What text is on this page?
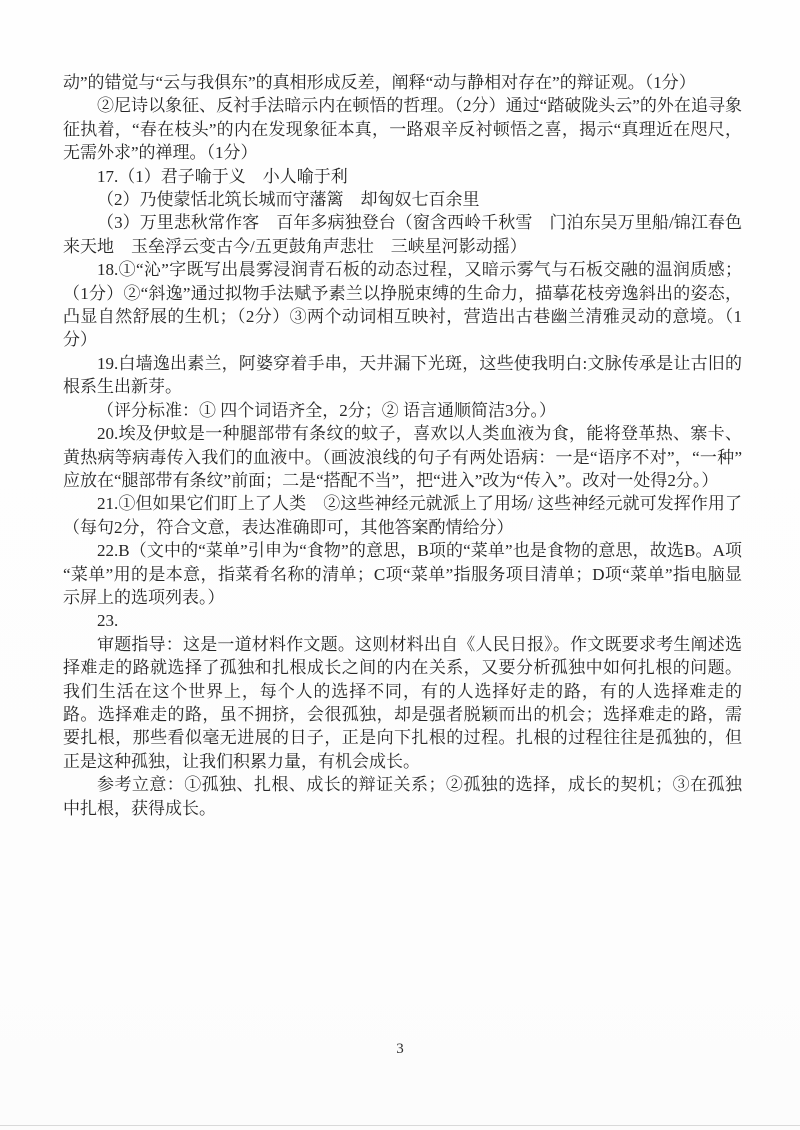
动”的错觉与“云与我俱东”的真相形成反差，阐释“动与静相对存在”的辩证观。（1分）

②尼诗以象征、反衬手法暗示内在顿悟的哲理。（2分）通过“踏破陇头云”的外在追寻象征执着，“春在枝头”的内在发现象征本真，一路艰辛反衬顿悟之喜，揭示“真理近在咫尺，无需外求”的禅理。（1分）

17.（1）君子喻于义　小人喻于利

（2）乃使蒙恬北筑长城而守藩篱　却匈奴七百余里

（3）万里悲秋常作客　百年多病独登台（窗含西岭千秋雪　门泊东吴万里船/锦江春色来天地　玉垒浮云变古今/五更鼓角声悲壮　三峡星河影动摇）

18.①“沁”字既写出晨雾浸润青石板的动态过程，又暗示雾气与石板交融的温润质感；（1分）②“斜逸”通过拟物手法赋予素兰以挣脱束缚的生命力，描摹花枝旁逸斜出的姿态，凸显自然舒展的生机；（2分）③两个动词相互映衬，营造出古巷幽兰清雅灵动的意境。（1分）

19.白墙逸出素兰，阿婆穿着手串，天井漏下光斑，这些使我明白:文脉传承是让古旧的根系生出新芽。

（评分标准：① 四个词语齐全，2分；② 语言通顺简洁3分。）

20.埃及伊蚊是一种腿部带有条纹的蚊子，喜欢以人类血液为食，能将登革热、寨卡、黄热病等病毒传入我们的血液中。（画波浪线的句子有两处语病：一是“语序不对”，“一种”应放在“腿部带有条纹”前面；二是“搭配不当”，把“进入”改为“传入”。改对一处得2分。）

21.①但如果它们盯上了人类　②这些神经元就派上了用场/ 这些神经元就可发挥作用了（每句2分，符合文意，表达准确即可，其他答案酌情给分）

22.B（文中的“菜单”引申为“食物”的意思，B项的“菜单”也是食物的意思，故选B。A项“菜单”用的是本意，指菜肴名称的清单；C项“菜单”指服务项目清单；D项“菜单”指电脑显示屏上的选项列表。）

23.

审题指导：这是一道材料作文题。这则材料出自《人民日报》。作文既要求考生阐述选择难走的路就选择了孤独和扎根成长之间的内在关系，又要分析孤独中如何扎根的问题。我们生活在这个世界上，每个人的选择不同，有的人选择好走的路，有的人选择难走的路。选择难走的路，虽不拥挤，会很孤独，却是强者脱颖而出的机会；选择难走的路，需要扎根，那些看似毫无进展的日子，正是向下扎根的过程。扎根的过程往往是孤独的，但正是这种孤独，让我们积累力量，有机会成长。

参考立意：①孤独、扎根、成长的辩证关系；②孤独的选择，成长的契机；③在孤独中扎根，获得成长。

3
